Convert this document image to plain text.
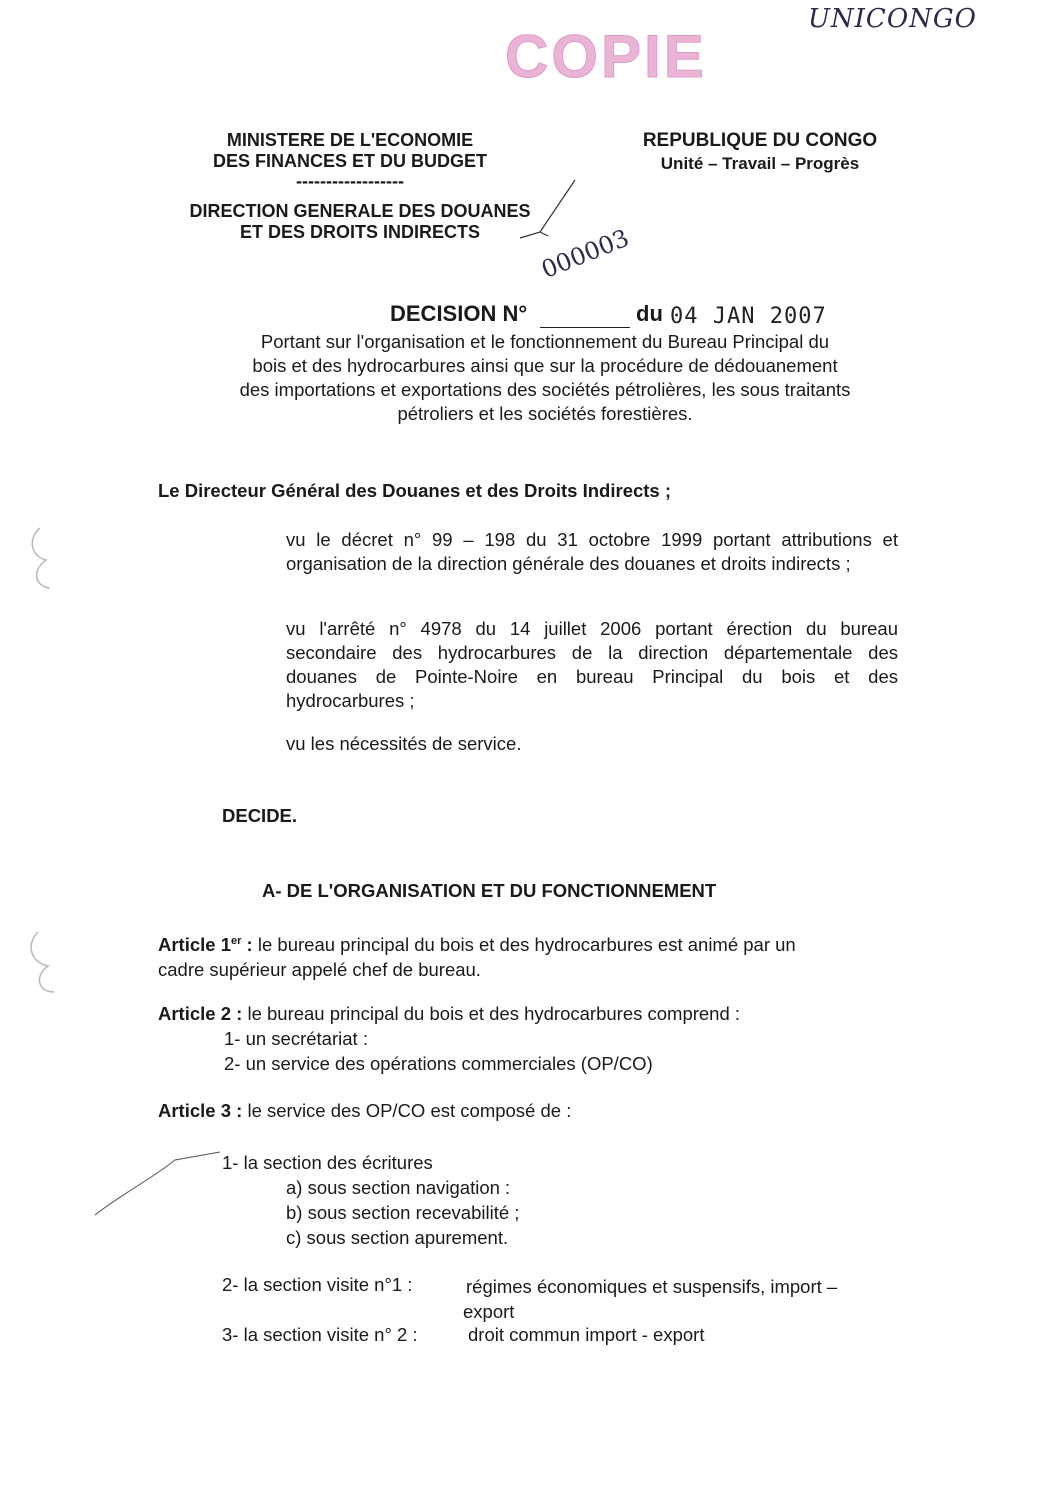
UNICONGO
COPIE
000003
04 JAN 2007
MINISTERE DE L'ECONOMIE
DES FINANCES ET DU BUDGET
------------------
DIRECTION GENERALE DES DOUANES
ET DES DROITS INDIRECTS
REPUBLIQUE DU CONGO
Unité – Travail – Progrès
DECISION N°	du
Portant sur l'organisation et le fonctionnement du Bureau Principal du
bois et des hydrocarbures ainsi que sur la procédure de dédouanement
des importations et exportations des sociétés pétrolières, les sous traitants
pétroliers et les sociétés forestières.
Le Directeur Général des Douanes et des Droits Indirects ;
vu le décret n° 99 – 198 du 31 octobre 1999 portant attributions et organisation de la direction générale des douanes et droits indirects ;
vu l'arrêté n° 4978 du 14 juillet 2006 portant érection du bureau secondaire des hydrocarbures de la direction départementale des douanes de Pointe-Noire en bureau Principal du bois et des hydrocarbures ;
vu les nécessités de service.
DECIDE.
A- DE L'ORGANISATION ET DU FONCTIONNEMENT
Article 1er : le bureau principal du bois et des hydrocarbures est animé par un
cadre supérieur appelé chef de bureau.
Article 2 : le bureau principal du bois et des hydrocarbures comprend :
1- un secrétariat :
2- un service des opérations commerciales (OP/CO)
Article 3 : le service des OP/CO est composé de :
1- la section des écritures
a) sous section navigation :
b) sous section recevabilité ;
c) sous section apurement.
2- la section visite n°1 :	régimes économiques et suspensifs, import –
export
3- la section visite n° 2 :	droit commun import - export
